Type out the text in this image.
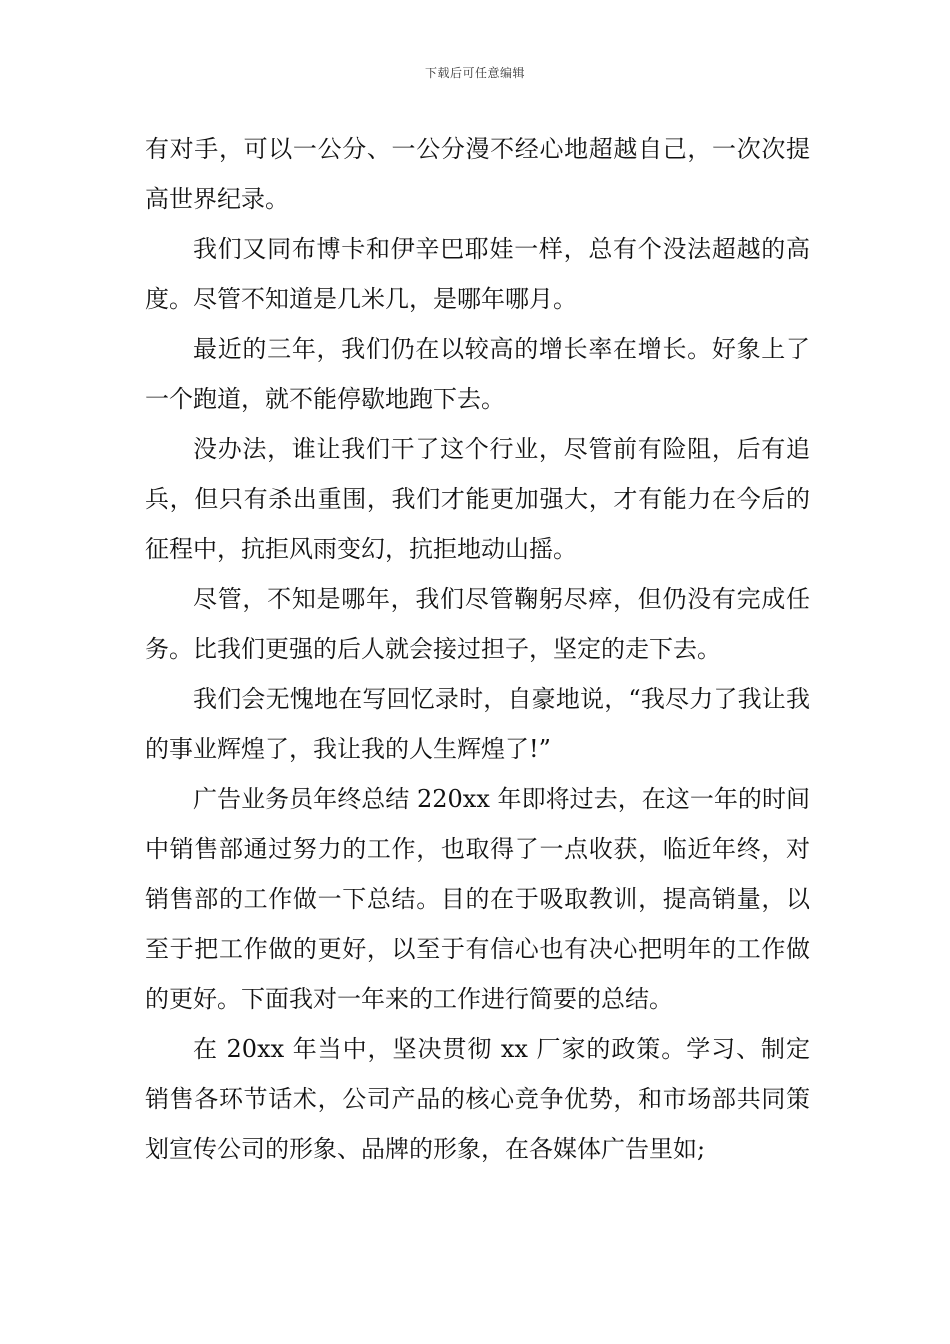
下载后可任意编辑

有对手，可以一公分、一公分漫不经心地超越自己，一次次提高世界纪录。

我们又同布博卡和伊辛巴耶娃一样，总有个没法超越的高度。尽管不知道是几米几，是哪年哪月。

最近的三年，我们仍在以较高的增长率在增长。好象上了一个跑道，就不能停歇地跑下去。

没办法，谁让我们干了这个行业，尽管前有险阻，后有追兵，但只有杀出重围，我们才能更加强大，才有能力在今后的征程中，抗拒风雨变幻，抗拒地动山摇。

尽管，不知是哪年，我们尽管鞠躬尽瘁，但仍没有完成任务。比我们更强的后人就会接过担子，坚定的走下去。

我们会无愧地在写回忆录时，自豪地说，“我尽力了我让我的事业辉煌了，我让我的人生辉煌了!”

广告业务员年终总结 220xx 年即将过去，在这一年的时间中销售部通过努力的工作，也取得了一点收获，临近年终，对销售部的工作做一下总结。目的在于吸取教训，提高销量，以至于把工作做的更好，以至于有信心也有决心把明年的工作做的更好。下面我对一年来的工作进行简要的总结。

在 20xx 年当中，坚决贯彻 xx 厂家的政策。学习、制定销售各环节话术，公司产品的核心竞争优势，和市场部共同策划宣传公司的形象、品牌的形象，在各媒体广告里如;
